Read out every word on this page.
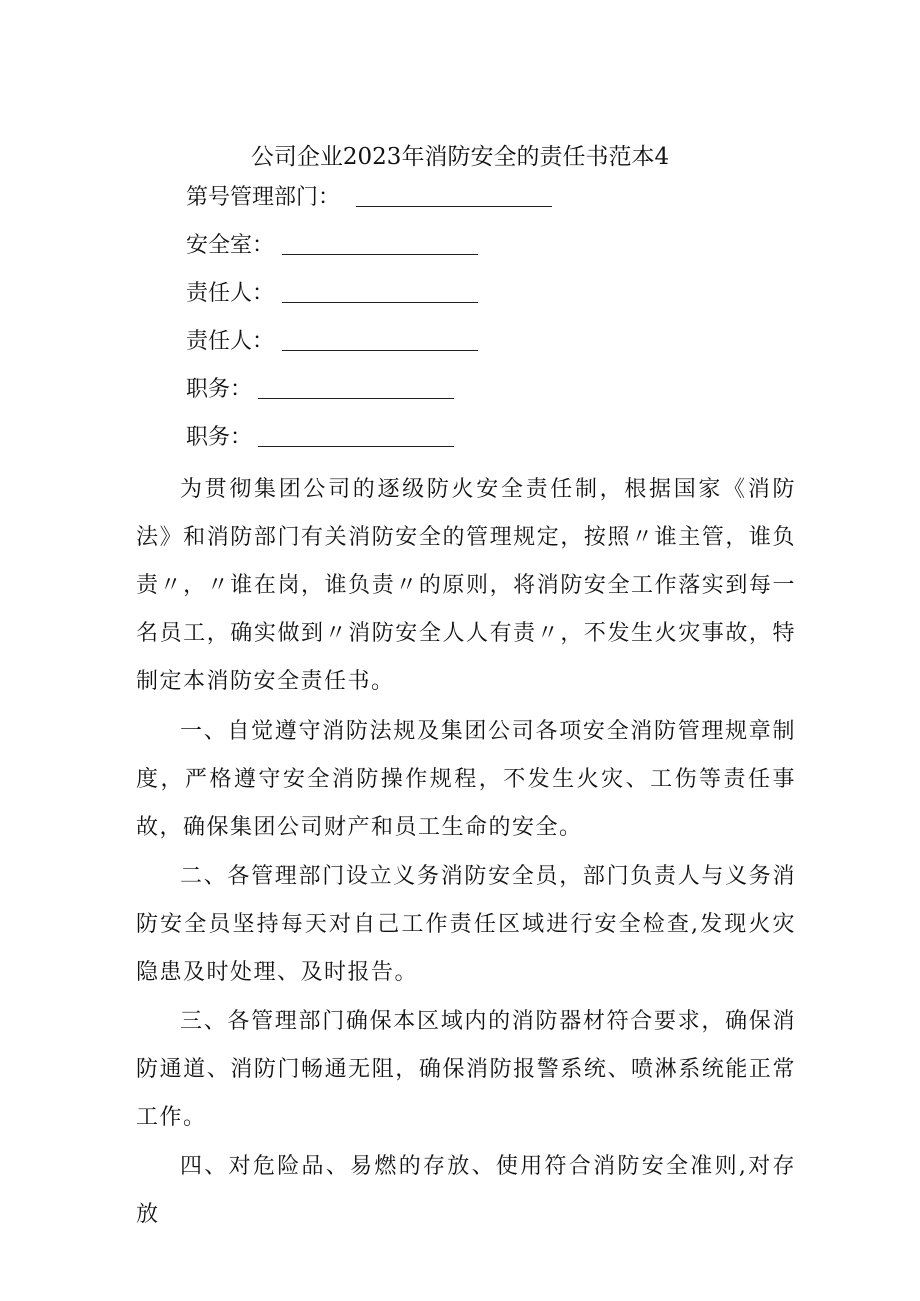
公司企业2023年消防安全的责任书范本4
第号管理部门：
安全室：
责任人：
责任人：
职务：
职务：

为贯彻集团公司的逐级防火安全责任制，根据国家《消防法》和消防部门有关消防安全的管理规定，按照〃谁主管，谁负责〃，〃谁在岗，谁负责〃的原则，将消防安全工作落实到每一名员工，确实做到〃消防安全人人有责〃，不发生火灾事故，特制定本消防安全责任书。

一、自觉遵守消防法规及集团公司各项安全消防管理规章制度，严格遵守安全消防操作规程，不发生火灾、工伤等责任事故，确保集团公司财产和员工生命的安全。

二、各管理部门设立义务消防安全员，部门负责人与义务消防安全员坚持每天对自己工作责任区域进行安全检查,发现火灾隐患及时处理、及时报告。

三、各管理部门确保本区域内的消防器材符合要求，确保消防通道、消防门畅通无阻，确保消防报警系统、喷淋系统能正常工作。

四、对危险品、易燃的存放、使用符合消防安全准则,对存放
